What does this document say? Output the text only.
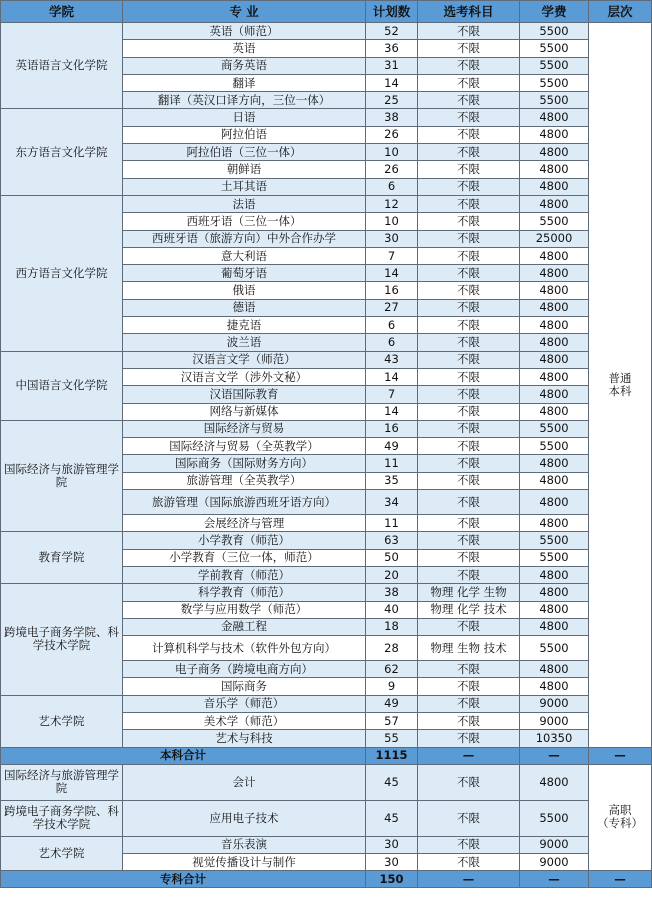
学院	专 业	计划数	选考科目	学费	层次
英语语言文化学院	英语（师范）	52	不限	5500	普通
本科
	英语	36	不限	5500	
	商务英语	31	不限	5500	
	翻译	14	不限	5500	
	翻译（英汉口译方向，三位一体）	25	不限	5500	
东方语言文化学院	日语	38	不限	4800	
	阿拉伯语	26	不限	4800	
	阿拉伯语（三位一体）	10	不限	4800	
	朝鲜语	26	不限	4800	
	土耳其语	6	不限	4800	
西方语言文化学院	法语	12	不限	4800	
	西班牙语（三位一体）	10	不限	5500	
	西班牙语（旅游方向）中外合作办学	30	不限	25000	
	意大利语	7	不限	4800	
	葡萄牙语	14	不限	4800	
	俄语	16	不限	4800	
	德语	27	不限	4800	
	捷克语	6	不限	4800	
	波兰语	6	不限	4800	
中国语言文化学院	汉语言文学（师范）	43	不限	4800	
	汉语言文学（涉外文秘）	14	不限	4800	
	汉语国际教育	7	不限	4800	
	网络与新媒体	14	不限	4800	
国际经济与旅游管理学院	国际经济与贸易	16	不限	5500	
	国际经济与贸易（全英教学）	49	不限	5500	
	国际商务（国际财务方向）	11	不限	4800	
	旅游管理（全英教学）	35	不限	4800	
	旅游管理（国际旅游西班牙语方向）	34	不限	4800	
	会展经济与管理	11	不限	4800	
教育学院	小学教育（师范）	63	不限	5500	
	小学教育（三位一体，师范）	50	不限	5500	
	学前教育（师范）	20	不限	4800	
跨境电子商务学院、科学技术学院	科学教育（师范）	38	物理 化学 生物	4800	
	数学与应用数学（师范）	40	物理 化学 技术	4800	
	金融工程	18	不限	4800	
	计算机科学与技术（软件外包方向）	28	物理 生物 技术	5500	
	电子商务（跨境电商方向）	62	不限	4800	
	国际商务	9	不限	4800	
艺术学院	音乐学（师范）	49	不限	9000	
	美术学（师范）	57	不限	9000	
	艺术与科技	55	不限	10350	
本科合计		1115	—	—	—
国际经济与旅游管理学院	会计	45	不限	4800	高职
（专科）
跨境电子商务学院、科学技术学院	应用电子技术	45	不限	5500	
艺术学院	音乐表演	30	不限	9000	
	视觉传播设计与制作	30	不限	9000	
专科合计		150	—	—	—
